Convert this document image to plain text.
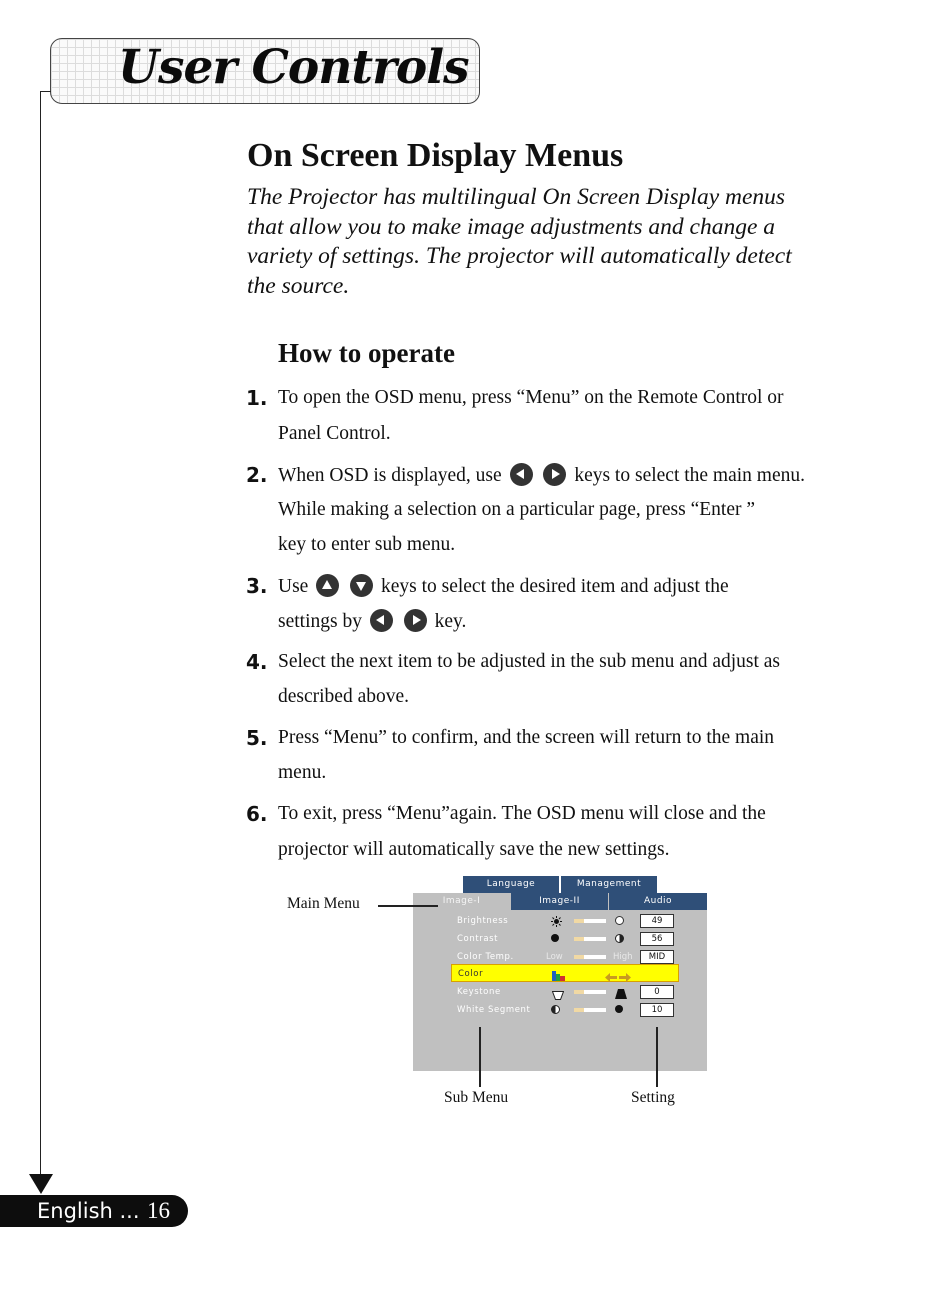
User Controls
On Screen Display Menus
The Projector has multilingual On Screen Display menus
that allow you to make image adjustments and change a
variety of settings. The projector will automatically detect
the source.
How to operate
1. To open the OSD menu, press “Menu” on the Remote Control or
Panel Control.
2. When OSD is displayed, use	keys to select the main menu.
While making a selection on a particular page, press “Enter ”
key to enter sub menu.
3. Use	keys to select the desired item and adjust the
settings by	key.
4. Select the next item to be adjusted in the sub menu and adjust as
described above.
5. Press “Menu” to confirm, and the screen will return to the main
menu.
6. To exit, press “Menu”again. The OSD menu will close and the
projector will automatically save the new settings.
Language	Management
Image-I	Image-II	Audio
Brightness	49
Contrast	56
Color Temp.	Low	High	MID
Color
Keystone	0
White Segment	10
Main Menu
Sub Menu	Setting
English ... 16
